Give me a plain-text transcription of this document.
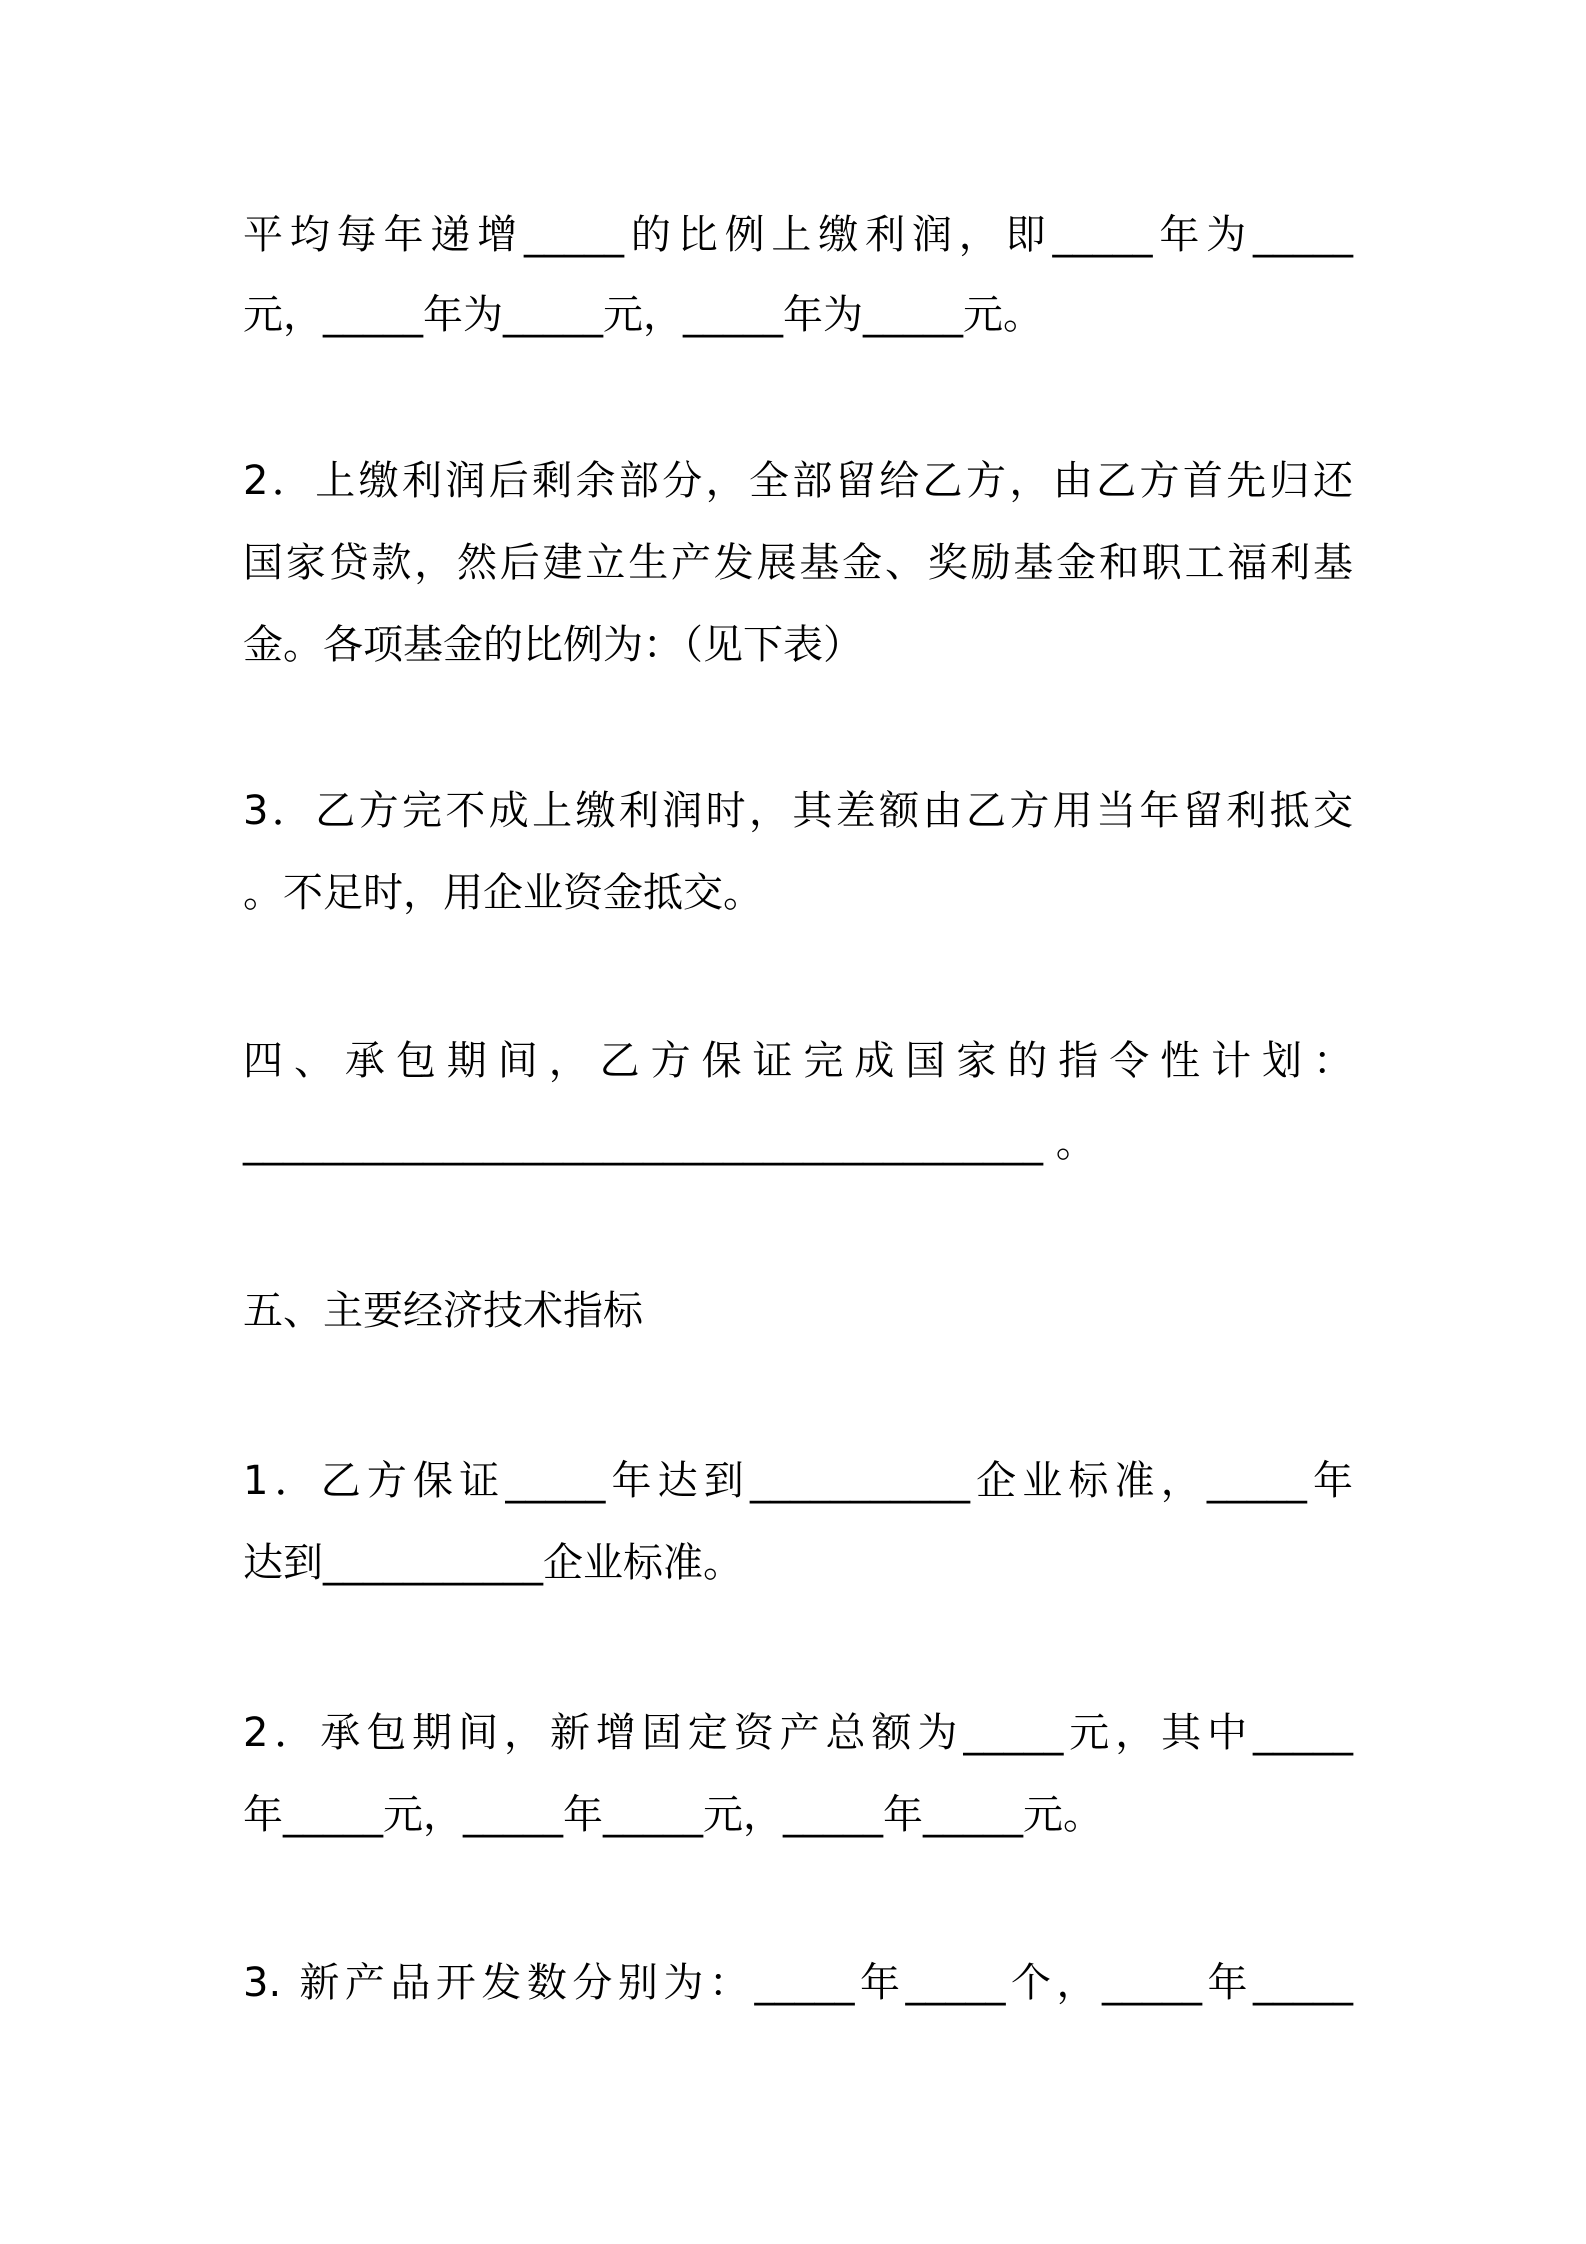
平均每年递增_____的比例上缴利润，即_____年为_____
元，_____年为_____元，_____年为_____元。
2．上缴利润后剩余部分，全部留给乙方，由乙方首先归还
国家贷款，然后建立生产发展基金、奖励基金和职工福利基
金。各项基金的比例为：（见下表）
3．乙方完不成上缴利润时，其差额由乙方用当年留利抵交
。不足时，用企业资金抵交。
四、承包期间，乙方保证完成国家的指令性计划：
________________________________________ 。
五、主要经济技术指标
1．乙方保证_____年达到___________企业标准，_____年
达到___________企业标准。
2．承包期间，新增固定资产总额为_____元，其中_____
年_____元，_____年_____元，_____年_____元。
3. 新产品开发数分别为：_____年_____个，_____年_____
